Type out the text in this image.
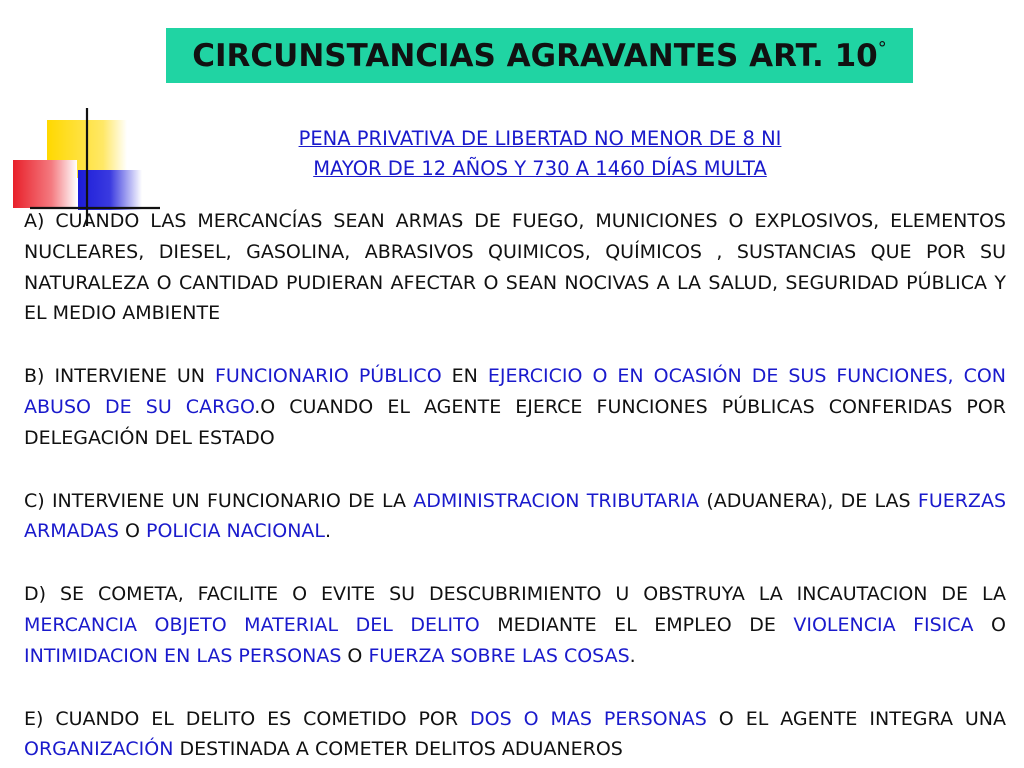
CIRCUNSTANCIAS AGRAVANTES ART. 10°
PENA PRIVATIVA DE LIBERTAD NO MENOR DE 8 NI
MAYOR DE 12 AÑOS Y 730 A 1460 DÍAS MULTA

A) CUANDO LAS MERCANCÍAS SEAN ARMAS DE FUEGO, MUNICIONES O EXPLOSIVOS, ELEMENTOS NUCLEARES, DIESEL, GASOLINA, ABRASIVOS QUIMICOS, QUÍMICOS , SUSTANCIAS QUE POR SU NATURALEZA O CANTIDAD PUDIERAN AFECTAR O SEAN NOCIVAS A LA SALUD, SEGURIDAD PÚBLICA Y EL MEDIO AMBIENTE

B) INTERVIENE UN FUNCIONARIO PÚBLICO EN EJERCICIO O EN OCASIÓN DE SUS FUNCIONES, CON ABUSO DE SU CARGO.O CUANDO EL AGENTE EJERCE FUNCIONES PÚBLICAS CONFERIDAS POR DELEGACIÓN DEL ESTADO

C) INTERVIENE UN FUNCIONARIO DE LA ADMINISTRACION TRIBUTARIA (ADUANERA), DE LAS FUERZAS ARMADAS O POLICIA NACIONAL.

D) SE COMETA, FACILITE O EVITE SU DESCUBRIMIENTO U OBSTRUYA LA INCAUTACION DE LA MERCANCIA OBJETO MATERIAL DEL DELITO MEDIANTE EL EMPLEO DE VIOLENCIA FISICA O INTIMIDACION EN LAS PERSONAS O FUERZA SOBRE LAS COSAS.

E) CUANDO EL DELITO ES COMETIDO POR DOS O MAS PERSONAS O EL AGENTE INTEGRA UNA ORGANIZACIÓN DESTINADA A COMETER DELITOS ADUANEROS
